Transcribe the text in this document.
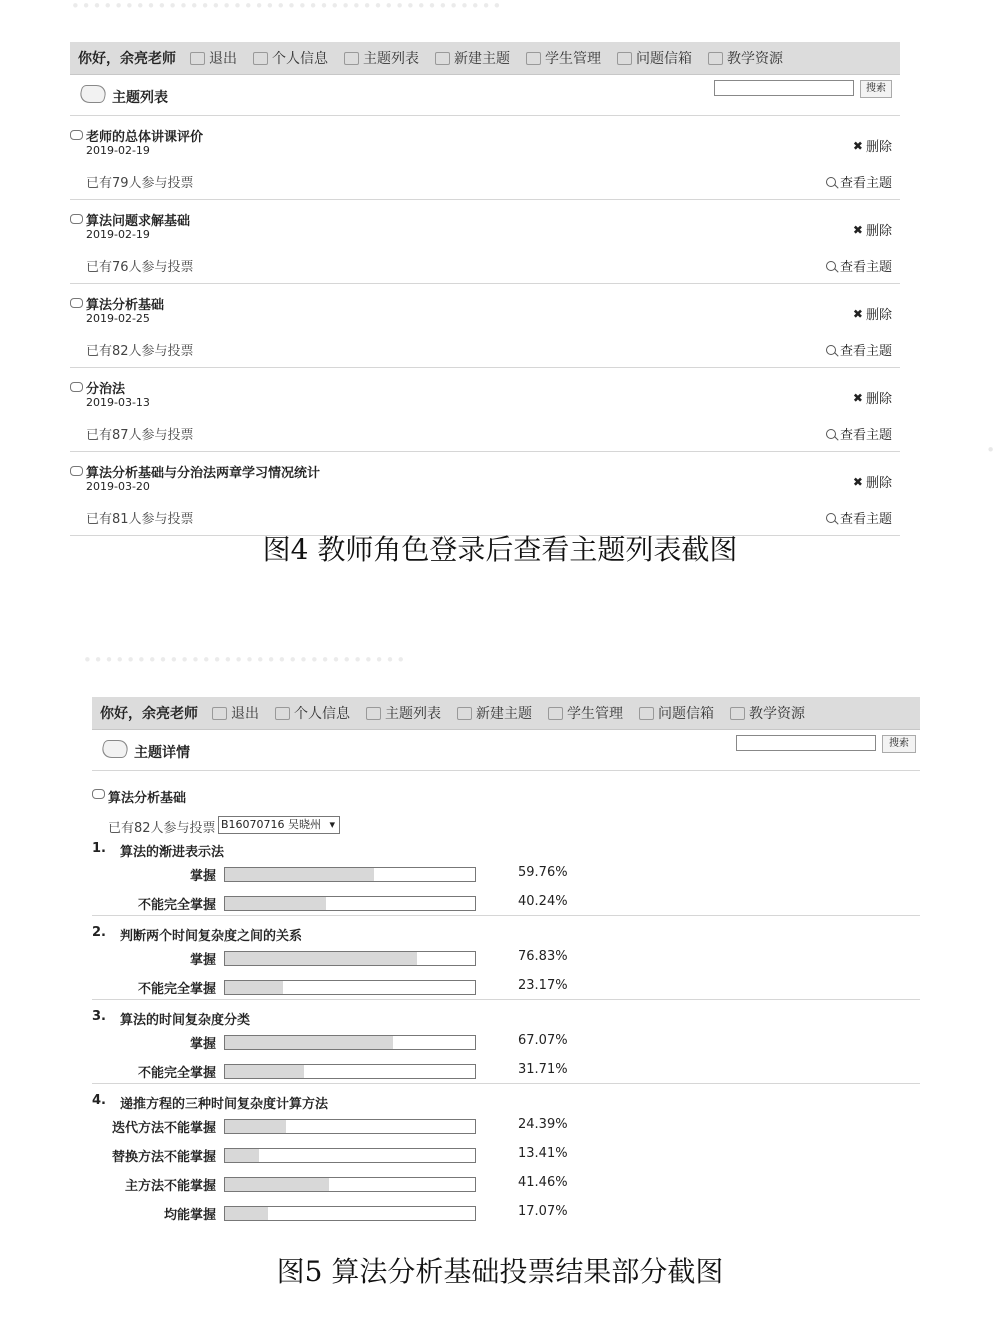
········································
·
你好，余亮老师 退出	个人信息	主题列表	新建主题	学生管理	问题信箱	教学资源
主题列表
搜索
老师的总体讲课评价
2019-02-19
已有79人参与投票
✖ 删除
查看主题
算法问题求解基础
2019-02-19
已有76人参与投票
✖ 删除
查看主题
算法分析基础
2019-02-25
已有82人参与投票
✖ 删除
查看主题
分治法
2019-03-13
已有87人参与投票
✖ 删除
查看主题
算法分析基础与分治法两章学习情况统计
2019-03-20
已有81人参与投票
✖ 删除
查看主题
图4 教师角色登录后查看主题列表截图
······························
你好，余亮老师 退出	个人信息	主题列表	新建主题	学生管理	问题信箱	教学资源
主题详情
搜索
算法分析基础
已有82人参与投票 B16070716 吴晓州 ▾
1. 算法的渐进表示法
掌握	59.76%
不能完全掌握	40.24%
2. 判断两个时间复杂度之间的关系
掌握	76.83%
不能完全掌握	23.17%
3. 算法的时间复杂度分类
掌握	67.07%
不能完全掌握	31.71%
4. 递推方程的三种时间复杂度计算方法
迭代方法不能掌握	24.39%
替换方法不能掌握	13.41%
主方法不能掌握	41.46%
均能掌握	17.07%
图5 算法分析基础投票结果部分截图
